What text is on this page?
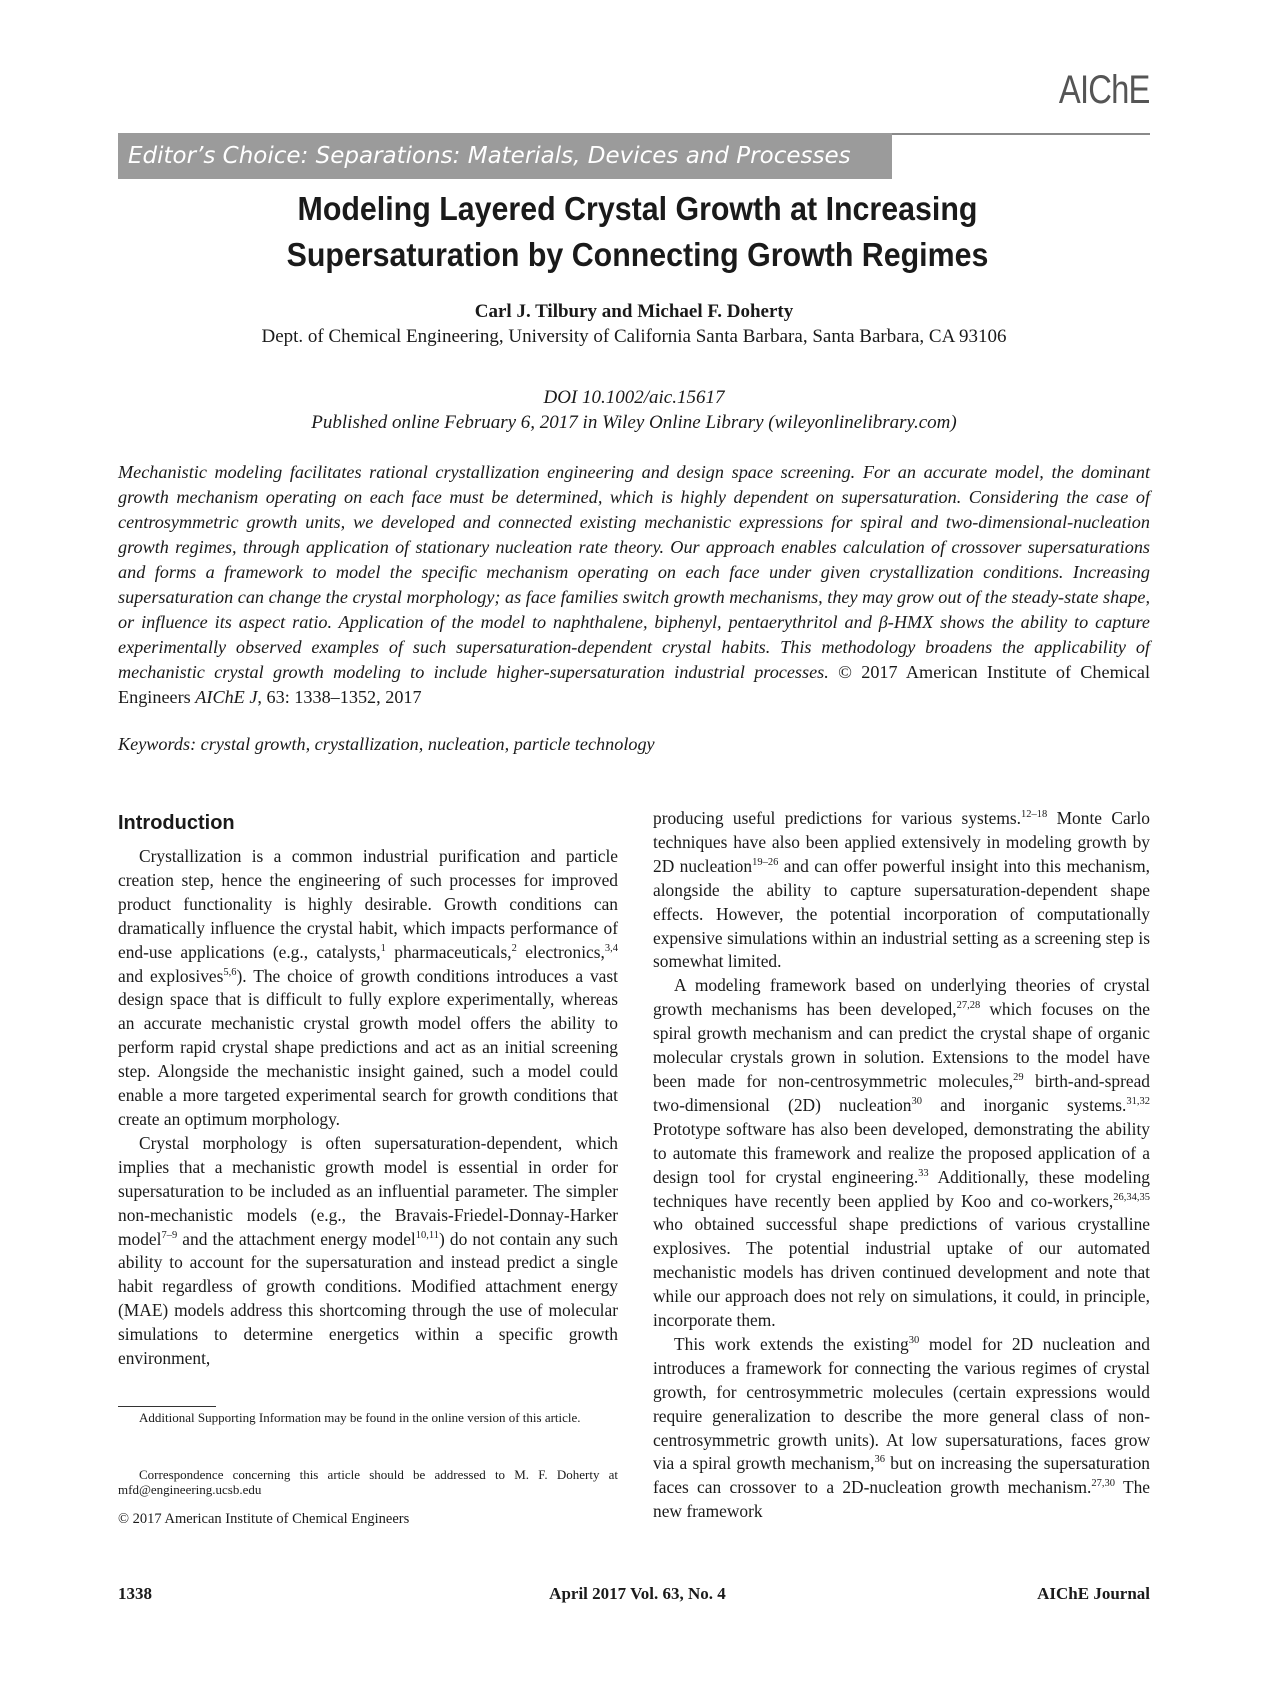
AIChE
Editor’s Choice: Separations: Materials, Devices and Processes
Modeling Layered Crystal Growth at Increasing Supersaturation by Connecting Growth Regimes
Carl J. Tilbury and Michael F. Doherty
Dept. of Chemical Engineering, University of California Santa Barbara, Santa Barbara, CA 93106
DOI 10.1002/aic.15617
Published online February 6, 2017 in Wiley Online Library (wileyonlinelibrary.com)

Mechanistic modeling facilitates rational crystallization engineering and design space screening. For an accurate model, the dominant growth mechanism operating on each face must be determined, which is highly dependent on supersaturation. Considering the case of centrosymmetric growth units, we developed and connected existing mechanistic expressions for spiral and two-dimensional-nucleation growth regimes, through application of stationary nucleation rate theory. Our approach enables calculation of crossover supersaturations and forms a framework to model the specific mechanism operating on each face under given crystallization conditions. Increasing supersaturation can change the crystal morphology; as face families switch growth mechanisms, they may grow out of the steady-state shape, or influence its aspect ratio. Application of the model to naphthalene, biphenyl, pentaerythritol and β-HMX shows the ability to capture experimentally observed examples of such supersaturation-dependent crystal habits. This methodology broadens the applicability of mechanistic crystal growth modeling to include higher-supersaturation industrial processes. © 2017 American Institute of Chemical Engineers AIChE J, 63: 1338–1352, 2017

Keywords: crystal growth, crystallization, nucleation, particle technology
Introduction

Crystallization is a common industrial purification and particle creation step, hence the engineering of such processes for improved product functionality is highly desirable. Growth conditions can dramatically influence the crystal habit, which impacts performance of end-use applications (e.g., catalysts,$^1$ pharmaceuticals,$^2$ electronics,$^{3,4}$ and explosives$^{5,6}$). The choice of growth conditions introduces a vast design space that is difficult to fully explore experimentally, whereas an accurate mechanistic crystal growth model offers the ability to perform rapid crystal shape predictions and act as an initial screening step. Alongside the mechanistic insight gained, such a model could enable a more targeted experimental search for growth conditions that create an optimum morphology.

Crystal morphology is often supersaturation-dependent, which implies that a mechanistic growth model is essential in order for supersaturation to be included as an influential parameter. The simpler non-mechanistic models (e.g., the Bravais-Friedel-Donnay-Harker model$^{7-9}$ and the attachment energy model$^{10,11}$) do not contain any such ability to account for the supersaturation and instead predict a single habit regardless of growth conditions. Modified attachment energy (MAE) models address this shortcoming through the use of molecular simulations to determine energetics within a specific growth environment,

producing useful predictions for various systems.$^{12-18}$ Monte Carlo techniques have also been applied extensively in modeling growth by 2D nucleation$^{19-26}$ and can offer powerful insight into this mechanism, alongside the ability to capture supersaturation-dependent shape effects. However, the potential incorporation of computationally expensive simulations within an industrial setting as a screening step is somewhat limited.

A modeling framework based on underlying theories of crystal growth mechanisms has been developed,$^{27,28}$ which focuses on the spiral growth mechanism and can predict the crystal shape of organic molecular crystals grown in solution. Extensions to the model have been made for non-centrosymmetric molecules,$^{29}$ birth-and-spread two-dimensional (2D) nucleation$^{30}$ and inorganic systems.$^{31,32}$ Prototype software has also been developed, demonstrating the ability to automate this framework and realize the proposed application of a design tool for crystal engineering.$^{33}$ Additionally, these modeling techniques have recently been applied by Koo and co-workers,$^{26,34,35}$ who obtained successful shape predictions of various crystalline explosives. The potential industrial uptake of our automated mechanistic models has driven continued development and note that while our approach does not rely on simulations, it could, in principle, incorporate them.

This work extends the existing$^{30}$ model for 2D nucleation and introduces a framework for connecting the various regimes of crystal growth, for centrosymmetric molecules (certain expressions would require generalization to describe the more general class of non-centrosymmetric growth units). At low supersaturations, faces grow via a spiral growth mechanism,$^{36}$ but on increasing the supersaturation faces can crossover to a 2D-nucleation growth mechanism.$^{27,30}$ The new framework

Additional Supporting Information may be found in the online version of this article.

Correspondence concerning this article should be addressed to M. F. Doherty at mfd@engineering.ucsb.edu

© 2017 American Institute of Chemical Engineers

1338	April 2017 Vol. 63, No. 4	AIChE Journal
